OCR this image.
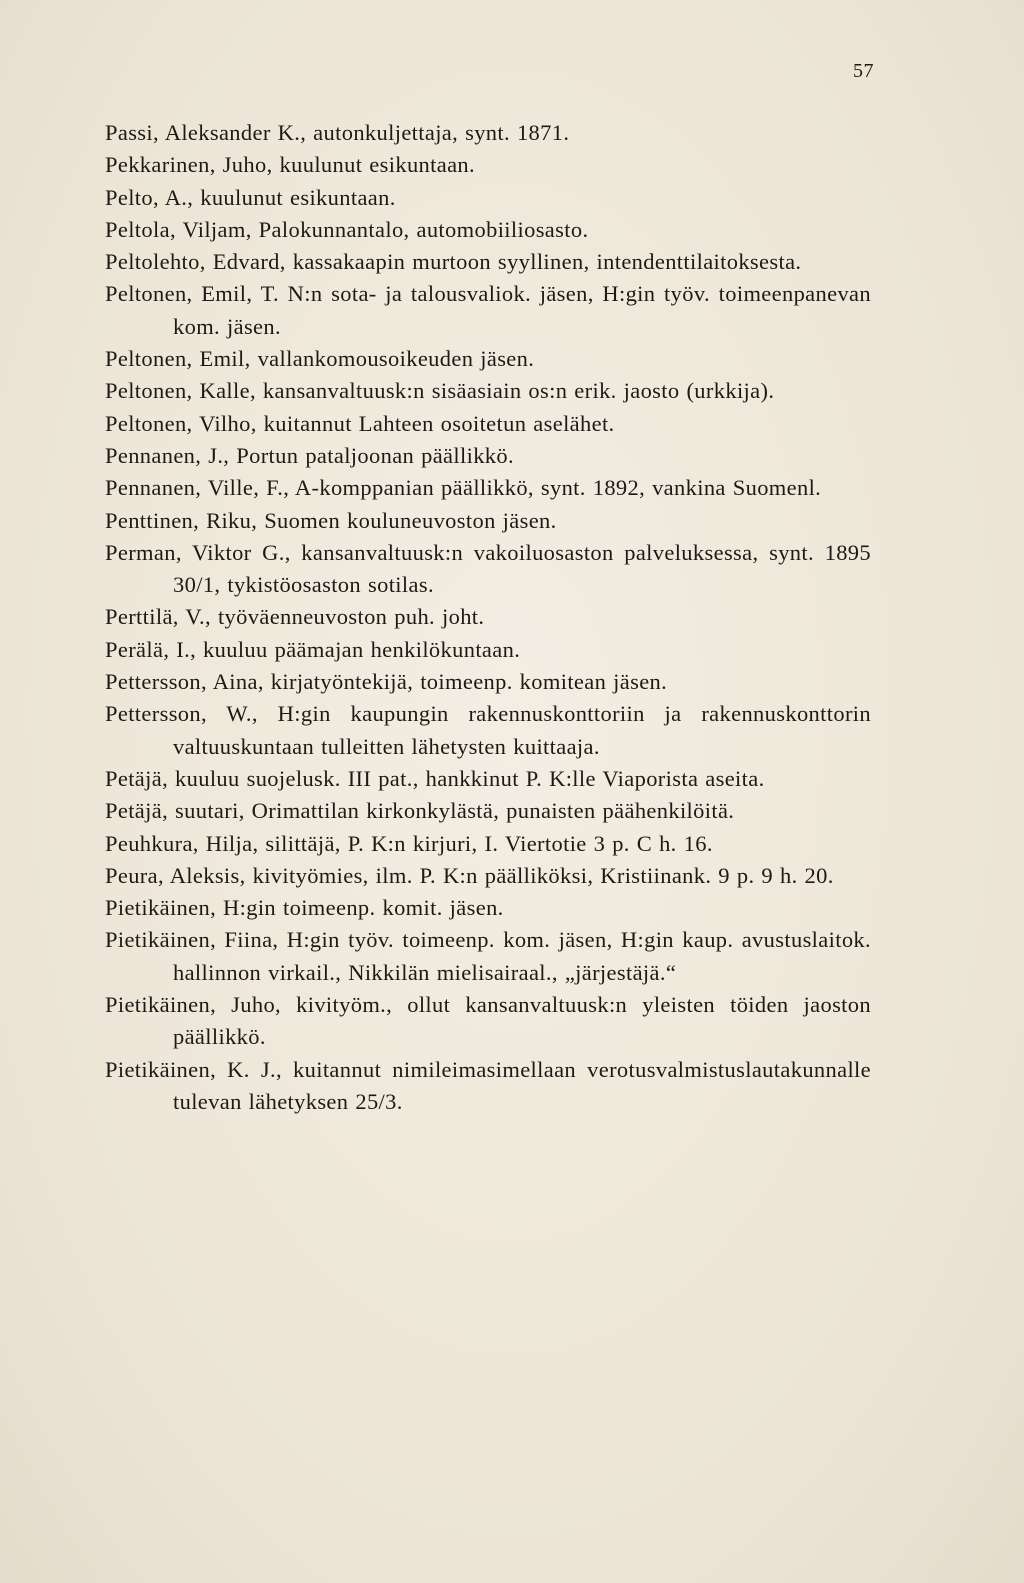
57
Passi, Aleksander K., autonkuljettaja, synt. 1871.
Pekkarinen, Juho, kuulunut esikuntaan.
Pelto, A., kuulunut esikuntaan.
Peltola, Viljam, Palokunnantalo, automobiiliosasto.
Peltolehto, Edvard, kassakaapin murtoon syyllinen, intendenttilaitoksesta.
Peltonen, Emil, T. N:n sota- ja talousvaliok. jäsen, H:gin työv. toimeenpanevan kom. jäsen.
Peltonen, Emil, vallankomousoikeuden jäsen.
Peltonen, Kalle, kansanvaltuusk:n sisäasiain os:n erik. jaosto (urkkija).
Peltonen, Vilho, kuitannut Lahteen osoitetun aselähet.
Pennanen, J., Portun pataljoonan päällikkö.
Pennanen, Ville, F., A-komppanian päällikkö, synt. 1892, vankina Suomenl.
Penttinen, Riku, Suomen kouluneuvoston jäsen.
Perman, Viktor G., kansanvaltuusk:n vakoiluosaston palveluksessa, synt. 1895 30/1, tykistöosaston sotilas.
Perttilä, V., työväenneuvoston puh. joht.
Perälä, I., kuuluu päämajan henkilökuntaan.
Pettersson, Aina, kirjatyöntekijä, toimeenp. komitean jäsen.
Pettersson, W., H:gin kaupungin rakennuskonttoriin ja rakennuskonttorin valtuuskuntaan tulleitten lähetysten kuittaaja.
Petäjä, kuuluu suojelusk. III pat., hankkinut P. K:lle Viaporista aseita.
Petäjä, suutari, Orimattilan kirkonkylästä, punaisten päähenkilöitä.
Peuhkura, Hilja, silittäjä, P. K:n kirjuri, I. Viertotie 3 p. C h. 16.
Peura, Aleksis, kivityömies, ilm. P. K:n päälliköksi, Kristiinank. 9 p. 9 h. 20.
Pietikäinen, H:gin toimeenp. komit. jäsen.
Pietikäinen, Fiina, H:gin työv. toimeenp. kom. jäsen, H:gin kaup. avustuslaitok. hallinnon virkail., Nikkilän mielisairaal., „järjestäjä.“
Pietikäinen, Juho, kivityöm., ollut kansanvaltuusk:n yleisten töiden jaoston päällikkö.
Pietikäinen, K. J., kuitannut nimileimasimellaan verotusvalmistuslautakunnalle tulevan lähetyksen 25/3.
